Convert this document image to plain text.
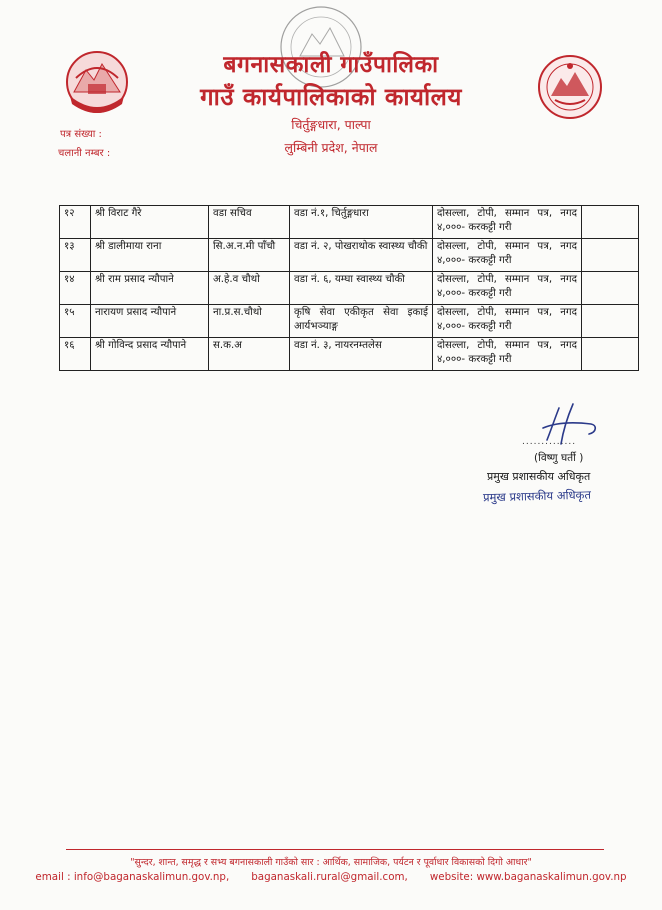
बगनासकाली गाउँपालिका
गाउँ कार्यपालिकाको कार्यालय
चिर्तुङ्गधारा, पाल्पा
लुम्बिनी प्रदेश, नेपाल
पत्र संख्या :
चलानी नम्बर :
१२	श्री विराट गैरे	वडा सचिव	वडा नं.१, चिर्तुङ्गधारा	दोसल्ला, टोपी, सम्मान पत्र, नगद ४,०००- करकट्टी गरी	
१३	श्री डालीमाया राना	सि.अ.न.मी पाँचौ	वडा नं. २, पोखराथोक स्वास्थ्य चौकी	दोसल्ला, टोपी, सम्मान पत्र, नगद ४,०००- करकट्टी गरी	
१४	श्री राम प्रसाद न्यौपाने	अ.हे.व चौथो	वडा नं. ६, यम्घा स्वास्थ्य चौकी	दोसल्ला, टोपी, सम्मान पत्र, नगद ४,०००- करकट्टी गरी	
१५	नारायण प्रसाद न्यौपाने	ना.प्र.स.चौथो	कृषि सेवा एकीकृत सेवा इकाई आर्यभञ्याङ्ग	दोसल्ला, टोपी, सम्मान पत्र, नगद ४,०००- करकट्टी गरी	
१६	श्री गोविन्द प्रसाद न्यौपाने	स.क.अ	वडा नं. ३, नायरनम्तलेस	दोसल्ला, टोपी, सम्मान पत्र, नगद ४,०००- करकट्टी गरी	
..............
(विष्णु घर्ती )
प्रमुख प्रशासकीय अधिकृत
प्रमुख प्रशासकीय अधिकृत
"सुन्दर, शान्त, समृद्ध र सभ्य बगनासकाली गाउँको सार : आर्थिक, सामाजिक, पर्यटन र पूर्वाधार विकासको दिगो आधार"
email : info@baganaskalimun.gov.np, baganaskali.rural@gmail.com, website: www.baganaskalimun.gov.np
